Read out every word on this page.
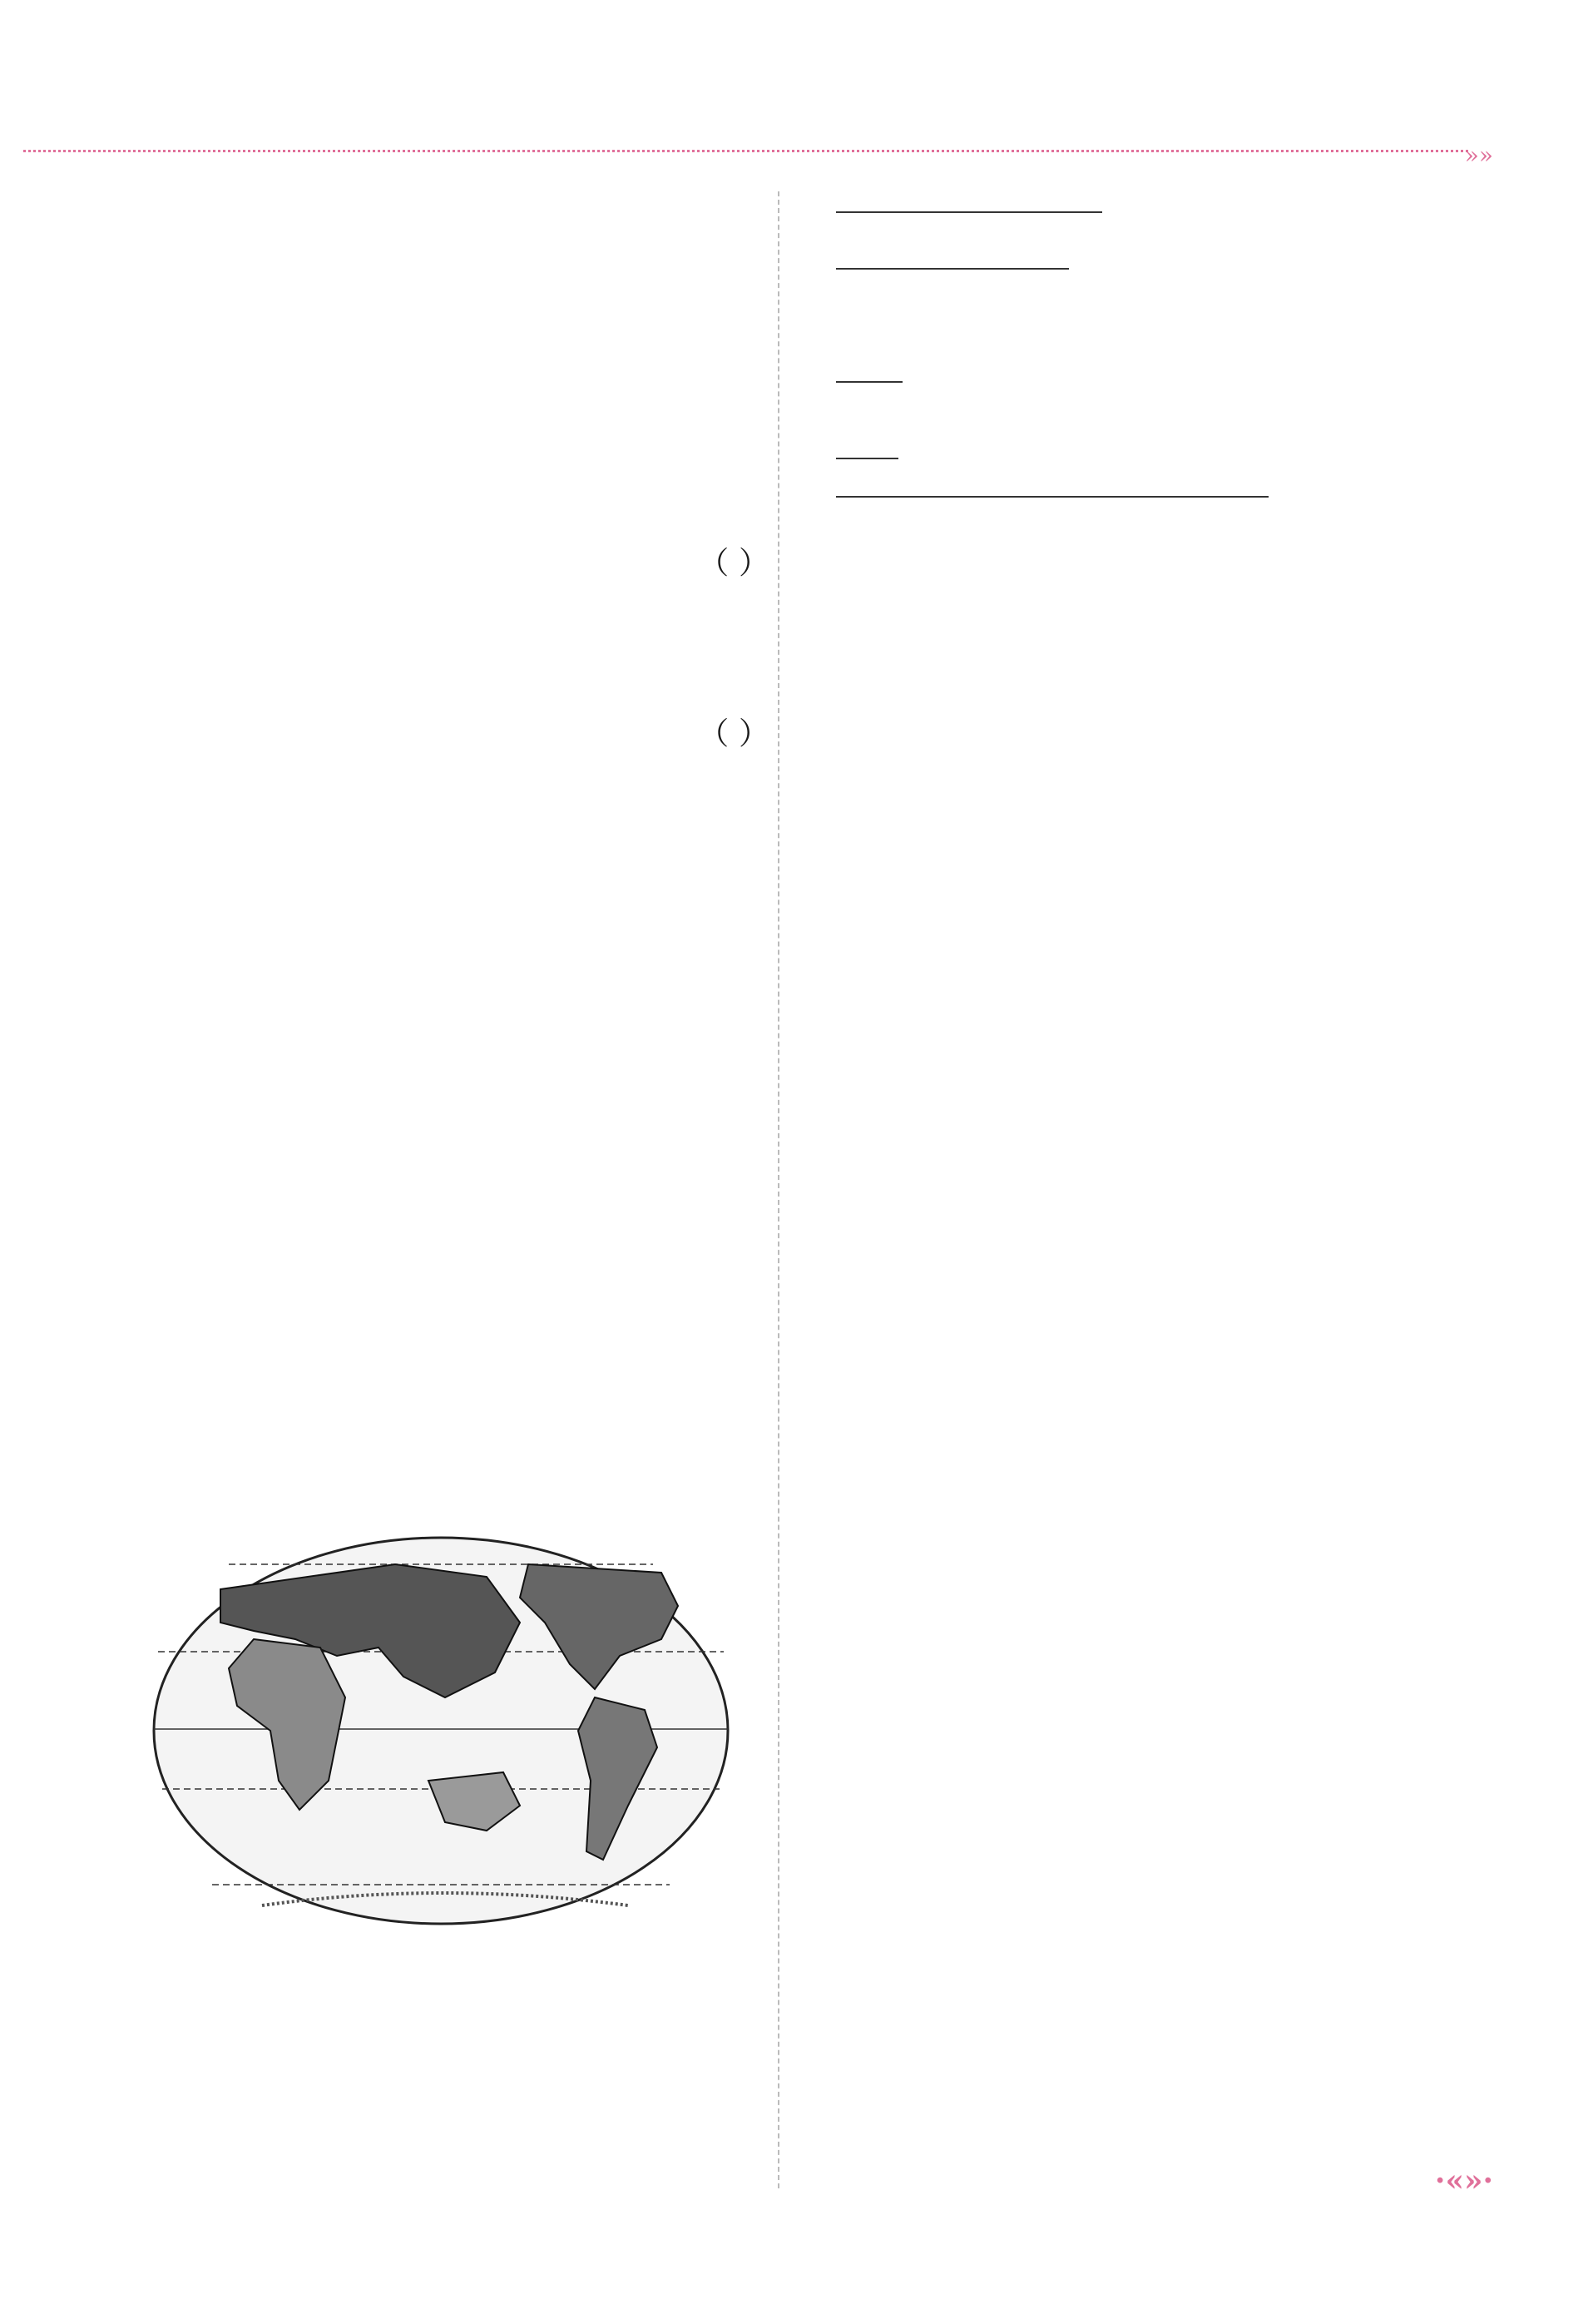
»»
（ ）
（ ）

·«»·
